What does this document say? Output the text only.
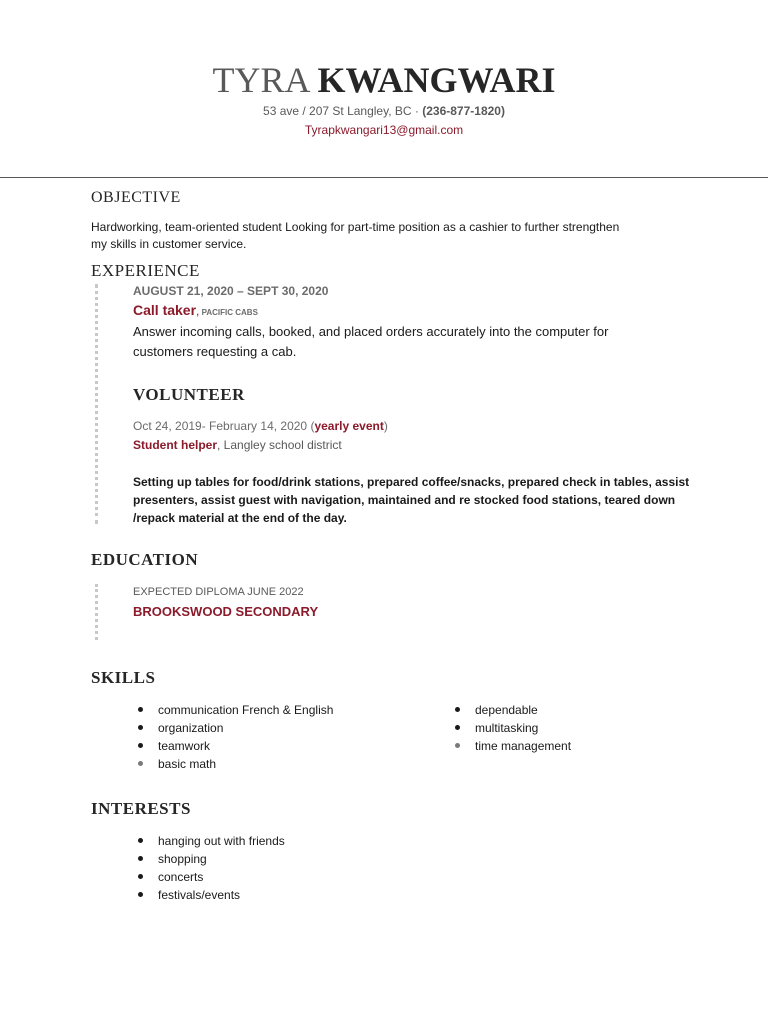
TYRA KWANGWARI
53 ave / 207 St Langley, BC · (236-877-1820)
Tyrapkwangari13@gmail.com
OBJECTIVE
Hardworking, team-oriented student Looking for part-time position as a cashier to further strengthen
my skills in customer service.
EXPERIENCE
AUGUST 21, 2020 – SEPT 30, 2020
Call taker, PACIFIC CABS
Answer incoming calls, booked, and placed orders accurately into the computer for
customers requesting a cab.
VOLUNTEER
Oct 24, 2019- February 14, 2020 (yearly event)
Student helper, Langley school district
Setting up tables for food/drink stations, prepared coffee/snacks, prepared check in tables, assist
presenters, assist guest with navigation, maintained and re stocked food stations, teared down
/repack material at the end of the day.
EDUCATION
EXPECTED DIPLOMA JUNE 2022
BROOKSWOOD SECONDARY
SKILLS
communication French & English
organization
teamwork
basic math
dependable
multitasking
time management
INTERESTS
hanging out with friends
shopping
concerts
festivals/events
